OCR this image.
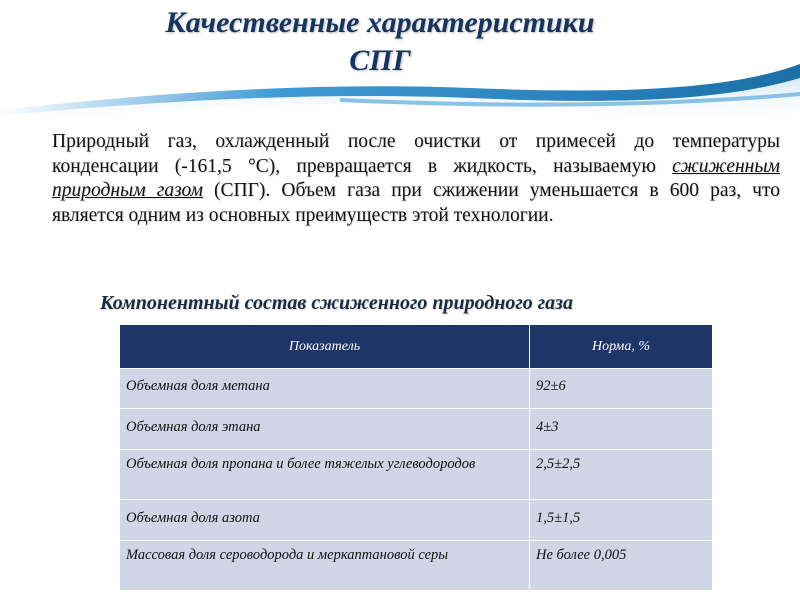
Качественные характеристики
СПГ
Природный газ, охлажденный после очистки от примесей до температуры конденсации (-161,5 °С), превращается в жидкость, называемую сжиженным природным газом (СПГ). Объем газа при сжижении уменьшается в 600 раз, что является одним из основных преимуществ этой технологии.
Компонентный состав сжиженного природного газа
Показатель	Норма, %
Объемная доля метана	92±6
Объемная доля этана	4±3
Объемная доля пропана и более тяжелых углеводородов	2,5±2,5
Объемная доля азота	1,5±1,5
Массовая доля сероводорода и меркаптановой серы	Не более 0,005
